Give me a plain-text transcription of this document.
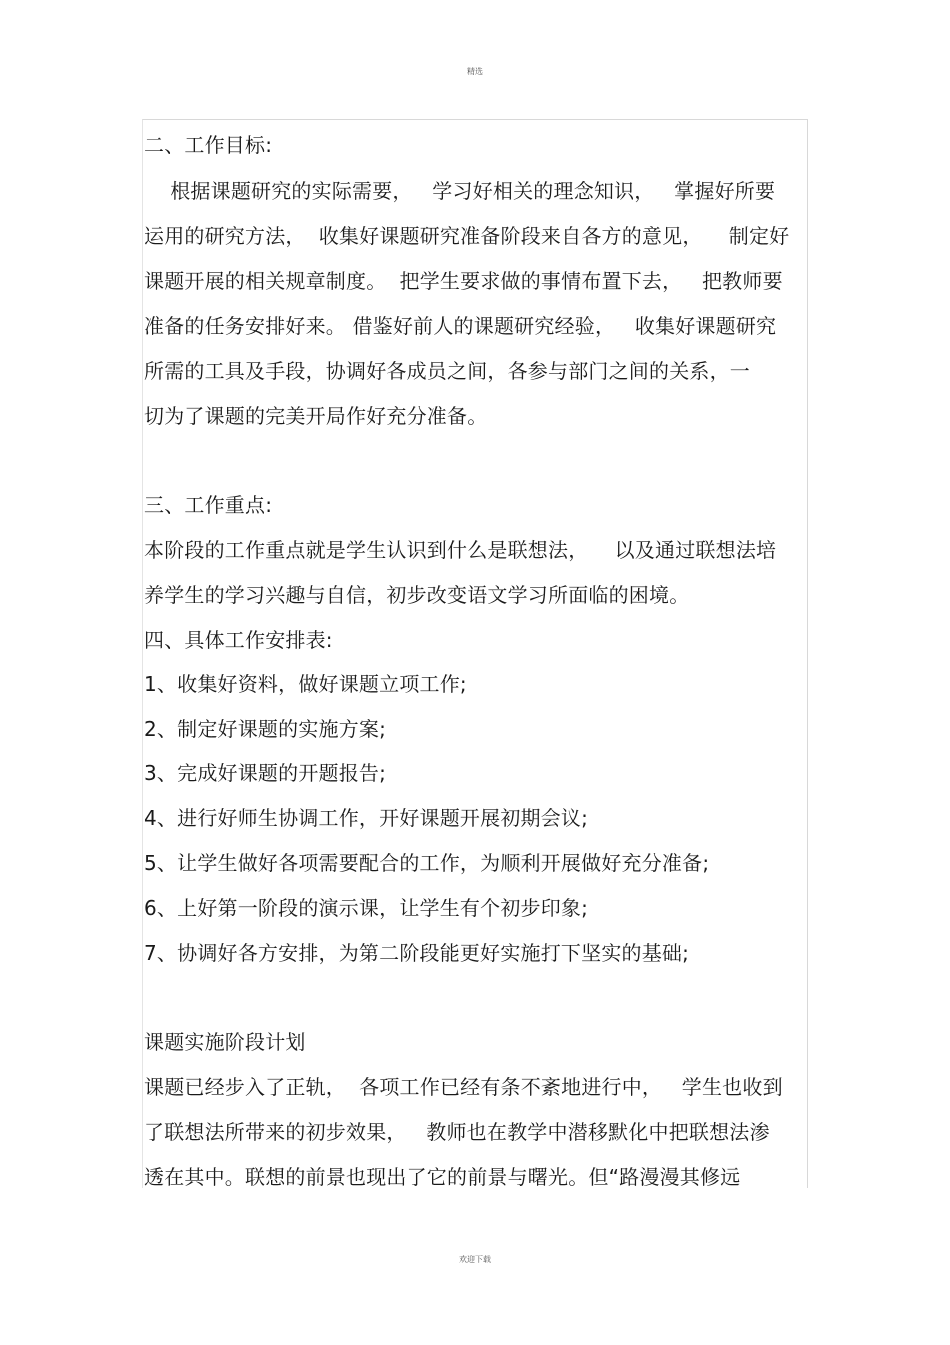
精选
二、工作目标:
根据课题研究的实际需要，   学习好相关的理念知识，   掌握好所要
运用的研究方法，  收集好课题研究准备阶段来自各方的意见，    制定好
课题开展的相关规章制度。  把学生要求做的事情布置下去，   把教师要
准备的任务安排好来。 借鉴好前人的课题研究经验，   收集好课题研究
所需的工具及手段，协调好各成员之间，各参与部门之间的关系，一
切为了课题的完美开局作好充分准备。
三、工作重点:
本阶段的工作重点就是学生认识到什么是联想法，    以及通过联想法培
养学生的学习兴趣与自信，初步改变语文学习所面临的困境。
四、具体工作安排表:
1、收集好资料，做好课题立项工作;
2、制定好课题的实施方案;
3、完成好课题的开题报告;
4、进行好师生协调工作，开好课题开展初期会议;
5、让学生做好各项需要配合的工作，为顺利开展做好充分准备;
6、上好第一阶段的演示课，让学生有个初步印象;
7、协调好各方安排，为第二阶段能更好实施打下坚实的基础;
课题实施阶段计划
课题已经步入了正轨，  各项工作已经有条不紊地进行中，   学生也收到
了联想法所带来的初步效果，   教师也在教学中潜移默化中把联想法渗
透在其中。联想的前景也现出了它的前景与曙光。但“路漫漫其修远
欢迎下载
